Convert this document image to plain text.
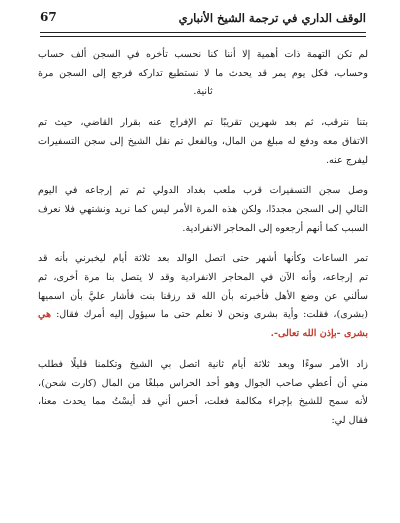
67	الوقف الداري في ترجمة الشيخ الأنباري

لم تكن التهمة ذات أهمية إلا أننا كنا نحسب تأخره في السجن ألف حساب
وحساب، فكل يوم يمر قد يحدث ما لا نستطيع تداركه فرجع إلى السجن مرة
ثانية.

بتنا نترقب، ثم بعد شهرين تقريبًا تم الإفراج عنه بقرار القاضي، حيث تم
الاتفاق معه ودفع له مبلغ من المال، وبالفعل تم نقل الشيخ إلى سجن التسفيرات
ليفرج عنه.

وصل سجن التسفيرات قرب ملعب بغداد الدولي ثم تم إرجاعه في اليوم
التالي إلى السجن مجددًا، ولكن هذه المرة الأمر ليس كما نريد ونشتهي فلا نعرف
السبب كما أنهم أرجعوه إلى المحاجر الانفرادية.

تمر الساعات وكأنها أشهر حتى اتصل الوالد بعد ثلاثة أيام ليخبرني بأنه قد
تم إرجاعه، وأنه الآن في المحاجر الانفرادية وقد لا يتصل بنا مرة أخرى، ثم
سألني عن وضع الأهل فأخبرته بأن الله قد رزقنا بنت فأشار عليَّ بأن اسميها
(بشرى)، فقلت: وأية بشرى ونحن لا نعلم حتى ما سيؤول إليه أمرك فقال: هي
بشرى -بإذن الله تعالى-.

زاد الأمر سوءًا وبعد ثلاثة أيام ثانية اتصل بي الشيخ وتكلمنا قليلًا فطلب
مني أن أعطي صاحب الجوال وهو أحد الحراس مبلغًا من المال (كارت شحن)،
لأنه سمح للشيخ بإجراء مكالمة فعلت، أحس أني قد أيسْتُ مما يحدث معنا،
فقال لي:
